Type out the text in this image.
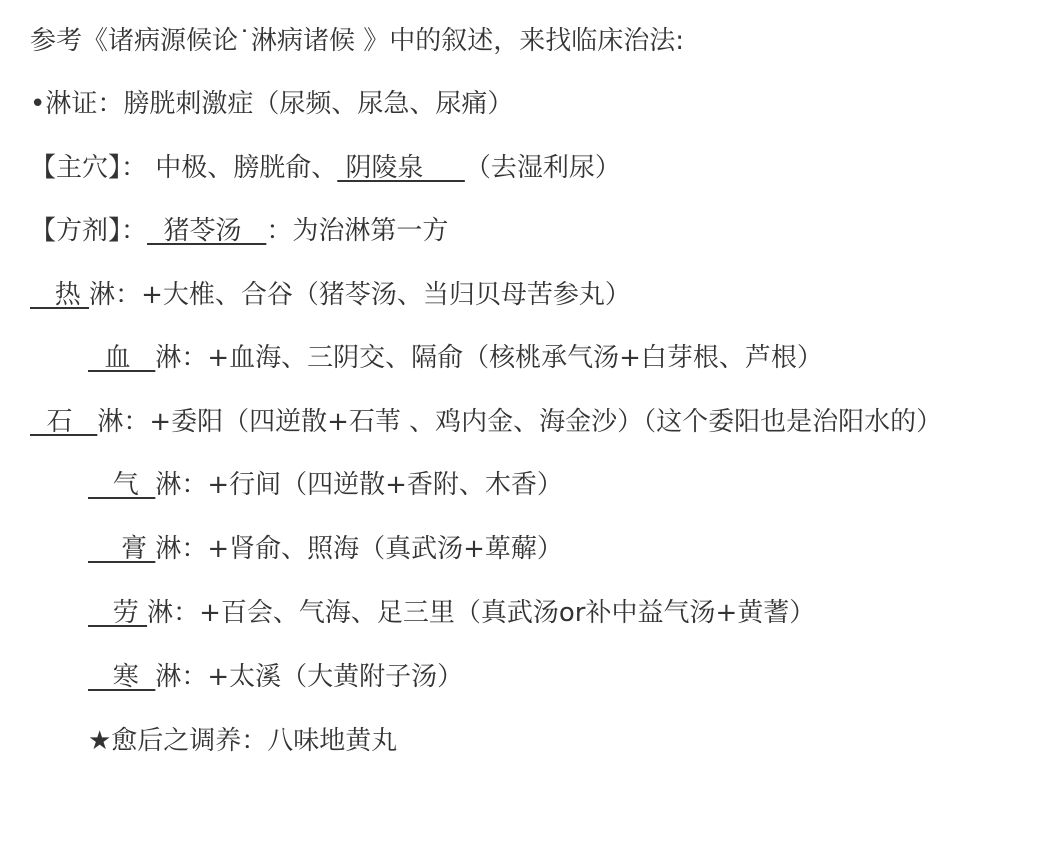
参考《诸病源候论˙淋病诸候 》中的叙述，来找临床治法:
•淋证：膀胱刺激症（尿频、尿急、尿痛）
【主穴】： 中极、膀胱俞、 阴陵泉     （去湿利尿）
【方剂】：  猪苓汤   ：为治淋第一方
热 淋：+大椎、合谷（猪苓汤、当归贝母苦参丸）
血   淋：+血海、三阴交、隔俞（核桃承气汤+白芽根、芦根）
石   淋：+委阳（四逆散+石苇 、鸡内金、海金沙）（这个委阳也是治阳水的）
气  淋：+行间（四逆散+香附、木香）
膏 淋：+肾俞、照海（真武汤+萆薢）
劳 淋：+百会、气海、足三里（真武汤or补中益气汤+黄蓍）
寒  淋：+太溪（大黄附子汤）
★愈后之调养：八味地黄丸
